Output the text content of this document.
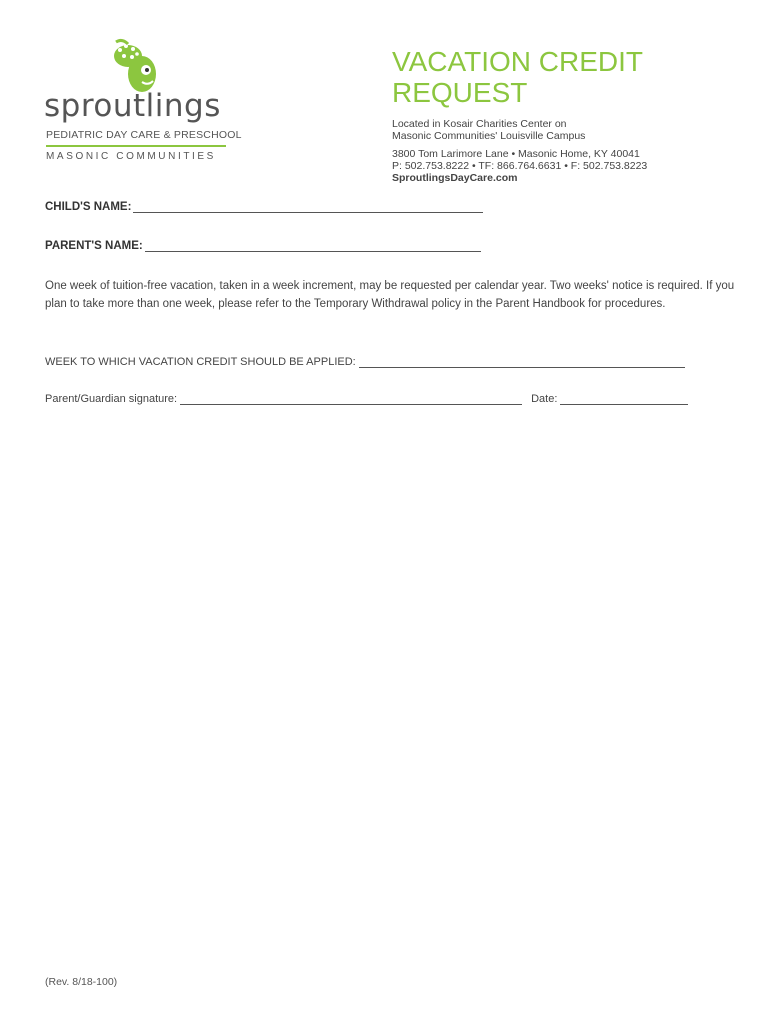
sproutlings
PEDIATRIC DAY CARE & PRESCHOOL
MASONIC COMMUNITIES
VACATION CREDIT
REQUEST
Located in Kosair Charities Center on
Masonic Communities' Louisville Campus
3800 Tom Larimore Lane • Masonic Home, KY 40041
P: 502.753.8222 • TF: 866.764.6631 • F: 502.753.8223
SproutlingsDayCare.com
CHILD'S NAME:
PARENT'S NAME:
One week of tuition-free vacation, taken in a week increment, may be requested per calendar year. Two weeks' notice is required. If you plan to take more than one week, please refer to the Temporary Withdrawal policy in the Parent Handbook for procedures.
WEEK TO WHICH VACATION CREDIT SHOULD BE APPLIED:
Parent/Guardian signature:	Date:
(Rev. 8/18-100)
